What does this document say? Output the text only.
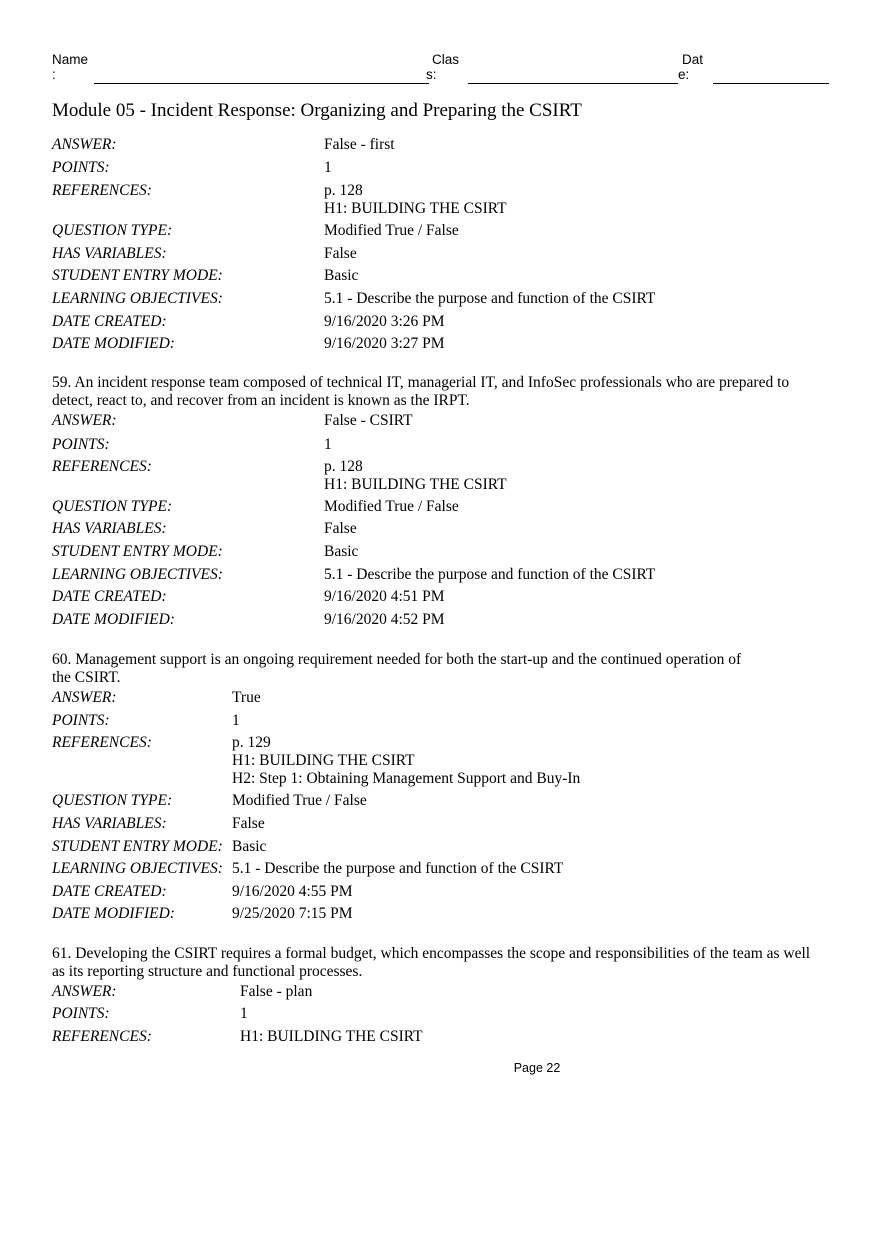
Name
:
Clas
s:
Dat
e:
Module 05 - Incident Response: Organizing and Preparing the CSIRT
ANSWER:	False - first
POINTS:	1
REFERENCES:	p. 128
H1: BUILDING THE CSIRT
QUESTION TYPE:	Modified True / False
HAS VARIABLES:	False
STUDENT ENTRY MODE:	Basic
LEARNING OBJECTIVES:	5.1 - Describe the purpose and function of the CSIRT
DATE CREATED:	9/16/2020 3:26 PM
DATE MODIFIED:	9/16/2020 3:27 PM
59. An incident response team composed of technical IT, managerial IT, and InfoSec professionals who are prepared to
detect, react to, and recover from an incident is known as the IRPT.
ANSWER:	False - CSIRT
POINTS:	1
REFERENCES:	p. 128
H1: BUILDING THE CSIRT
QUESTION TYPE:	Modified True / False
HAS VARIABLES:	False
STUDENT ENTRY MODE:	Basic
LEARNING OBJECTIVES:	5.1 - Describe the purpose and function of the CSIRT
DATE CREATED:	9/16/2020 4:51 PM
DATE MODIFIED:	9/16/2020 4:52 PM
60. Management support is an ongoing requirement needed for both the start-up and the continued operation of
the CSIRT.
ANSWER:	True
POINTS:	1
REFERENCES:	p. 129
H1: BUILDING THE CSIRT
H2: Step 1: Obtaining Management Support and Buy-In
QUESTION TYPE:	Modified True / False
HAS VARIABLES:	False
STUDENT ENTRY MODE: Basic
LEARNING OBJECTIVES: 5.1 - Describe the purpose and function of the CSIRT
DATE CREATED:	9/16/2020 4:55 PM
DATE MODIFIED:	9/25/2020 7:15 PM
61. Developing the CSIRT requires a formal budget, which encompasses the scope and responsibilities of the team as well
as its reporting structure and functional processes.
ANSWER:	False - plan
POINTS:	1
REFERENCES:	H1: BUILDING THE CSIRT
Page 22
